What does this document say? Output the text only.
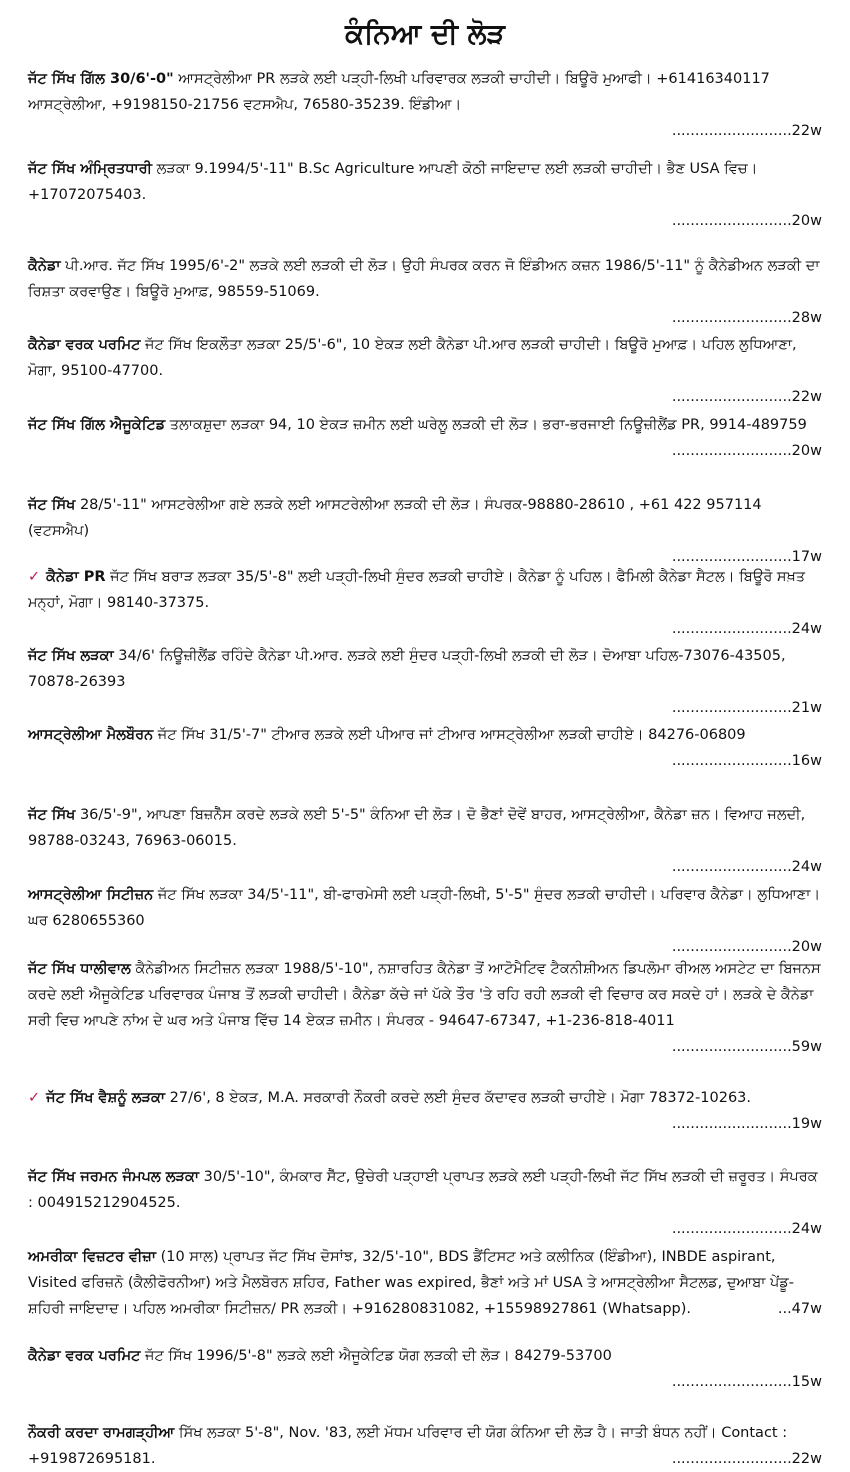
ਕੰਨਿਆ ਦੀ ਲੋੜ
ਜੱਟ ਸਿੱਖ ਗਿੱਲ 30/6'-0" ਆਸਟ੍ਰੇਲੀਆ PR ਲੜਕੇ ਲਈ ਪੜ੍ਹੀ-ਲਿਖੀ ਪਰਿਵਾਰਕ ਲੜਕੀ ਚਾਹੀਦੀ। ਬਿਊਰੋ ਮੁਆਫੀ। +61416340117 ਆਸਟ੍ਰੇਲੀਆ, +9198150-21756 ਵਟਸਐਪ, 76580-35239. ਇੰਡੀਆ।
..........................22w
ਜੱਟ ਸਿੱਖ ਅੰਮ੍ਰਿਤਧਾਰੀ ਲੜਕਾ 9.1994/5'-11" B.Sc Agriculture ਆਪਣੀ ਕੋਠੀ ਜਾਇਦਾਦ ਲਈ ਲੜਕੀ ਚਾਹੀਦੀ। ਭੈਣ USA ਵਿਚ। +17072075403.
..........................20w
ਕੈਨੇਡਾ ਪੀ.ਆਰ. ਜੱਟ ਸਿੱਖ 1995/6'-2" ਲੜਕੇ ਲਈ ਲੜਕੀ ਦੀ ਲੋੜ। ਉਹੀ ਸੰਪਰਕ ਕਰਨ ਜੋ ਇੰਡੀਅਨ ਕਜ਼ਨ 1986/5'-11" ਨੂੰ ਕੈਨੇਡੀਅਨ ਲੜਕੀ ਦਾ ਰਿਸ਼ਤਾ ਕਰਵਾਉਣ। ਬਿਊਰੋ ਮੁਆਫ਼, 98559-51069.
..........................28w
ਕੈਨੇਡਾ ਵਰਕ ਪਰਮਿਟ ਜੱਟ ਸਿੱਖ ਇਕਲੌਤਾ ਲੜਕਾ 25/5'-6", 10 ਏਕੜ ਲਈ ਕੈਨੇਡਾ ਪੀ.ਆਰ ਲੜਕੀ ਚਾਹੀਦੀ। ਬਿਊਰੋ ਮੁਆਫ਼। ਪਹਿਲ ਲੁਧਿਆਣਾ, ਮੋਗਾ, 95100-47700.
..........................22w
ਜੱਟ ਸਿੱਖ ਗਿੱਲ ਐਜੂਕੇਟਿਡ ਤਲਾਕਸ਼ੁਦਾ ਲੜਕਾ 94, 10 ਏਕੜ ਜ਼ਮੀਨ ਲਈ ਘਰੇਲੂ ਲੜਕੀ ਦੀ ਲੋੜ। ਭਰਾ-ਭਰਜਾਈ ਨਿਊਜ਼ੀਲੈਂਡ PR, 9914-489759
..........................20w
ਜੱਟ ਸਿੱਖ 28/5'-11" ਆਸਟਰੇਲੀਆ ਗਏ ਲੜਕੇ ਲਈ ਆਸਟਰੇਲੀਆ ਲੜਕੀ ਦੀ ਲੋੜ। ਸੰਪਰਕ-98880-28610 , +61 422 957114 (ਵਟਸਐਪ)
..........................17w
✓ ਕੈਨੇਡਾ PR ਜੱਟ ਸਿੱਖ ਬਰਾੜ ਲੜਕਾ 35/5'-8" ਲਈ ਪੜ੍ਹੀ-ਲਿਖੀ ਸੁੰਦਰ ਲੜਕੀ ਚਾਹੀਏ। ਕੈਨੇਡਾ ਨੂੰ ਪਹਿਲ। ਫੈਮਿਲੀ ਕੈਨੇਡਾ ਸੈਟਲ। ਬਿਊਰੋ ਸਖ਼ਤ ਮਨ੍ਹਾਂ, ਮੋਗਾ। 98140-37375.
..........................24w
ਜੱਟ ਸਿੱਖ ਲੜਕਾ 34/6' ਨਿਊਜ਼ੀਲੈਂਡ ਰਹਿੰਦੇ ਕੈਨੇਡਾ ਪੀ.ਆਰ. ਲੜਕੇ ਲਈ ਸੁੰਦਰ ਪੜ੍ਹੀ-ਲਿਖੀ ਲੜਕੀ ਦੀ ਲੋੜ। ਦੋਆਬਾ ਪਹਿਲ-73076-43505, 70878-26393
..........................21w
ਆਸਟ੍ਰੇਲੀਆ ਮੈਲਬੌਰਨ ਜੱਟ ਸਿੱਖ 31/5'-7" ਟੀਆਰ ਲੜਕੇ ਲਈ ਪੀਆਰ ਜਾਂ ਟੀਆਰ ਆਸਟ੍ਰੇਲੀਆ ਲੜਕੀ ਚਾਹੀਏ। 84276-06809
..........................16w
ਜੱਟ ਸਿੱਖ 36/5'-9", ਆਪਣਾ ਬਿਜ਼ਨੈੱਸ ਕਰਦੇ ਲੜਕੇ ਲਈ 5'-5" ਕੰਨਿਆ ਦੀ ਲੋੜ। ਦੋ ਭੈਣਾਂ ਦੋਵੇਂ ਬਾਹਰ, ਆਸਟ੍ਰੇਲੀਆ, ਕੈਨੇਡਾ ਜ਼ਨ। ਵਿਆਹ ਜਲਦੀ, 98788-03243, 76963-06015.
..........................24w
ਆਸਟ੍ਰੇਲੀਆ ਸਿਟੀਜ਼ਨ ਜੱਟ ਸਿੱਖ ਲੜਕਾ 34/5'-11", ਬੀ-ਫਾਰਮੇਸੀ ਲਈ ਪੜ੍ਹੀ-ਲਿਖੀ, 5'-5" ਸੁੰਦਰ ਲੜਕੀ ਚਾਹੀਦੀ। ਪਰਿਵਾਰ ਕੈਨੇਡਾ। ਲੁਧਿਆਣਾ। ਘਰ 6280655360
..........................20w
ਜੱਟ ਸਿੱਖ ਧਾਲੀਵਾਲ ਕੈਨੇਡੀਅਨ ਸਿਟੀਜ਼ਨ ਲੜਕਾ 1988/5'-10", ਨਸ਼ਾਰਹਿਤ ਕੈਨੇਡਾ ਤੋਂ ਆਟੋਮੈਟਿਵ ਟੈਕਨੀਸ਼ੀਅਨ ਡਿਪਲੋਮਾ ਰੀਅਲ ਅਸਟੇਟ ਦਾ ਬਿਜਨਸ ਕਰਦੇ ਲਈ ਐਜੂਕੇਟਿਡ ਪਰਿਵਾਰਕ ਪੰਜਾਬ ਤੋਂ ਲੜਕੀ ਚਾਹੀਦੀ। ਕੈਨੇਡਾ ਕੱਚੇ ਜਾਂ ਪੱਕੇ ਤੌਰ 'ਤੇ ਰਹਿ ਰਹੀ ਲੜਕੀ ਵੀ ਵਿਚਾਰ ਕਰ ਸਕਦੇ ਹਾਂ। ਲੜਕੇ ਦੇ ਕੈਨੇਡਾ ਸਰੀ ਵਿਚ ਆਪਣੇ ਨਾਂਅ ਦੇ ਘਰ ਅਤੇ ਪੰਜਾਬ ਵਿੱਚ 14 ਏਕੜ ਜ਼ਮੀਨ। ਸੰਪਰਕ - 94647-67347, +1-236-818-4011
..........................59w
✓ ਜੱਟ ਸਿੱਖ ਵੈਸ਼ਨੂੰ ਲੜਕਾ 27/6', 8 ਏਕੜ, M.A. ਸਰਕਾਰੀ ਨੌਕਰੀ ਕਰਦੇ ਲਈ ਸੁੰਦਰ ਕੱਦਾਵਰ ਲੜਕੀ ਚਾਹੀਏ। ਮੋਗਾ 78372-10263.
..........................19w
ਜੱਟ ਸਿੱਖ ਜਰਮਨ ਜੰਮਪਲ ਲੜਕਾ 30/5'-10", ਕੰਮਕਾਰ ਸੈੱਟ, ਉਚੇਰੀ ਪੜ੍ਹਾਈ ਪ੍ਰਾਪਤ ਲੜਕੇ ਲਈ ਪੜ੍ਹੀ-ਲਿਖੀ ਜੱਟ ਸਿੱਖ ਲੜਕੀ ਦੀ ਜ਼ਰੂਰਤ। ਸੰਪਰਕ : 004915212904525.
..........................24w
ਅਮਰੀਕਾ ਵਿਜ਼ਟਰ ਵੀਜ਼ਾ (10 ਸਾਲ) ਪ੍ਰਾਪਤ ਜੱਟ ਸਿੱਖ ਦੋਸਾਂਝ, 32/5'-10", BDS ਡੈਂਟਿਸਟ ਅਤੇ ਕਲੀਨਿਕ (ਇੰਡੀਆ), INBDE aspirant, Visited ਫਰਿਜ਼ਨੋ (ਕੈਲੀਫੋਰਨੀਆ) ਅਤੇ ਮੈਲਬੋਰਨ ਸ਼ਹਿਰ, Father was expired, ਭੈਣਾਂ ਅਤੇ ਮਾਂ USA ਤੇ ਆਸਟ੍ਰੇਲੀਆ ਸੈਟਲਡ, ਦੁਆਬਾ ਪੇਂਡੂ-ਸ਼ਹਿਰੀ ਜਾਇਦਾਦ। ਪਹਿਲ ਅਮਰੀਕਾ ਸਿਟੀਜ਼ਨ/ PR ਲੜਕੀ। +916280831082, +15598927861 (Whatsapp).	...47w
ਕੈਨੇਡਾ ਵਰਕ ਪਰਮਿਟ ਜੱਟ ਸਿੱਖ 1996/5'-8" ਲੜਕੇ ਲਈ ਐਜੂਕੇਟਿਡ ਯੋਗ ਲੜਕੀ ਦੀ ਲੋੜ। 84279-53700
..........................15w
ਨੌਕਰੀ ਕਰਦਾ ਰਾਮਗੜ੍ਹੀਆ ਸਿੱਖ ਲੜਕਾ 5'-8", Nov. '83, ਲਈ ਮੱਧਮ ਪਰਿਵਾਰ ਦੀ ਯੋਗ ਕੰਨਿਆ ਦੀ ਲੋੜ ਹੈ। ਜਾਤੀ ਬੰਧਨ ਨਹੀਂ। Contact : +919872695181.	..........................22w
